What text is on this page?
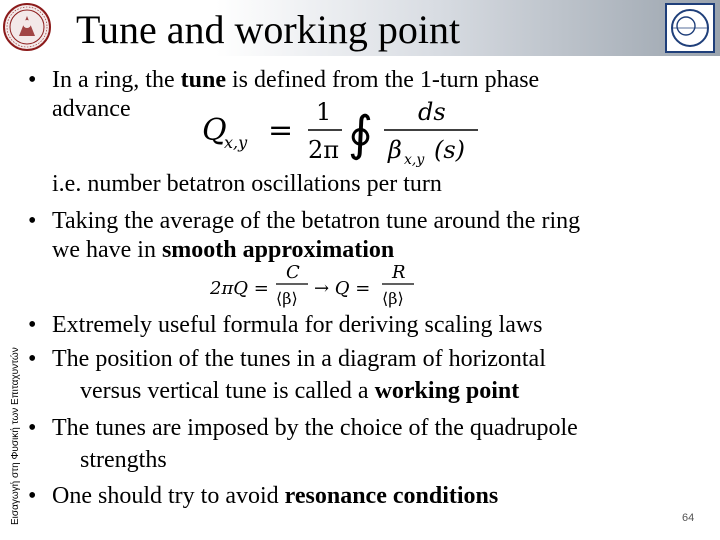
Tune and working point
Εισαγωγή στη Φυσική των Επιταχυντών
• In a ring, the tune is defined from the 1-turn phase
advance
Q
x,y =
1
2π ∮ ds
β x,y (s)
i.e. number betatron oscillations per turn
• Taking the average of the betatron tune around the ring
we have in smooth approximation
2πQ =
C
⟨β⟩ → Q =
R
⟨β⟩
• Extremely useful formula for deriving scaling laws
• The position of the tunes in a diagram of horizontal
versus vertical tune is called a working point
• The tunes are imposed by the choice of the quadrupole
strengths
• One should try to avoid resonance conditions
64
